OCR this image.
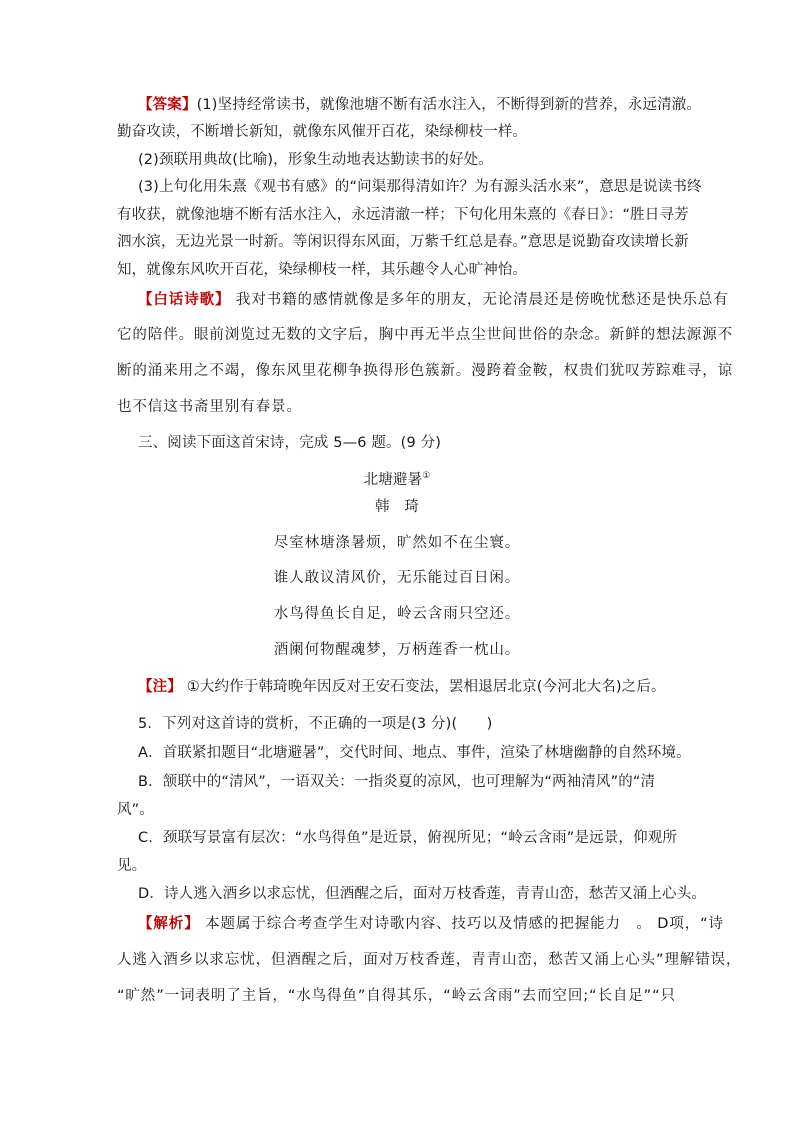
【答案】(1)坚持经常读书，就像池塘不断有活水注入，不断得到新的营养，永远清澈。
勤奋攻读，不断增长新知，就像东风催开百花，染绿柳枝一样。
(2)颈联用典故(比喻)，形象生动地表达勤读书的好处。
(3)上句化用朱熹《观书有感》的“问渠那得清如许？为有源头活水来”，意思是说读书终
有收获，就像池塘不断有活水注入，永远清澈一样；下句化用朱熹的《春日》：“胜日寻芳
泗水滨，无边光景一时新。等闲识得东风面，万紫千红总是春。”意思是说勤奋攻读增长新
知，就像东风吹开百花，染绿柳枝一样，其乐趣令人心旷神怡。
【白话诗歌】 我对书籍的感情就像是多年的朋友，无论清晨还是傍晚忧愁还是快乐总有
它的陪伴。眼前浏览过无数的文字后，胸中再无半点尘世间世俗的杂念。新鲜的想法源源不
断的涌来用之不竭，像东风里花柳争换得形色簇新。漫跨着金鞍，权贵们犹叹芳踪难寻，谅
也不信这书斋里别有春景。
三、阅读下面这首宋诗，完成 5—6 题。(9 分)
北塘避暑①
韩　琦
尽室林塘涤暑烦，旷然如不在尘寰。
谁人敢议清风价，无乐能过百日闲。
水鸟得鱼长自足，岭云含雨只空还。
酒阑何物醒魂梦，万柄莲香一枕山。
【注】 ①大约作于韩琦晚年因反对王安石变法，罢相退居北京(今河北大名)之后。
5．下列对这首诗的赏析，不正确的一项是(3 分)(　　)
A．首联紧扣题目“北塘避暑”，交代时间、地点、事件，渲染了林塘幽静的自然环境。
B．颔联中的“清风”，一语双关：一指炎夏的凉风，也可理解为“两袖清风”的“清
风”。
C．颈联写景富有层次：“水鸟得鱼”是近景，俯视所见；“岭云含雨”是远景，仰观所
见。
D．诗人逃入酒乡以求忘忧，但酒醒之后，面对万枝香莲，青青山峦，愁苦又涌上心头。
【解析】 本题属于综合考查学生对诗歌内容、技巧以及情感的把握能力　。 D项，“诗
人逃入酒乡以求忘忧，但酒醒之后，面对万枝香莲，青青山峦，愁苦又涌上心头”理解错误，
“旷然”一词表明了主旨，“水鸟得鱼”自得其乐，“岭云含雨”去而空回;“长自足”“只
